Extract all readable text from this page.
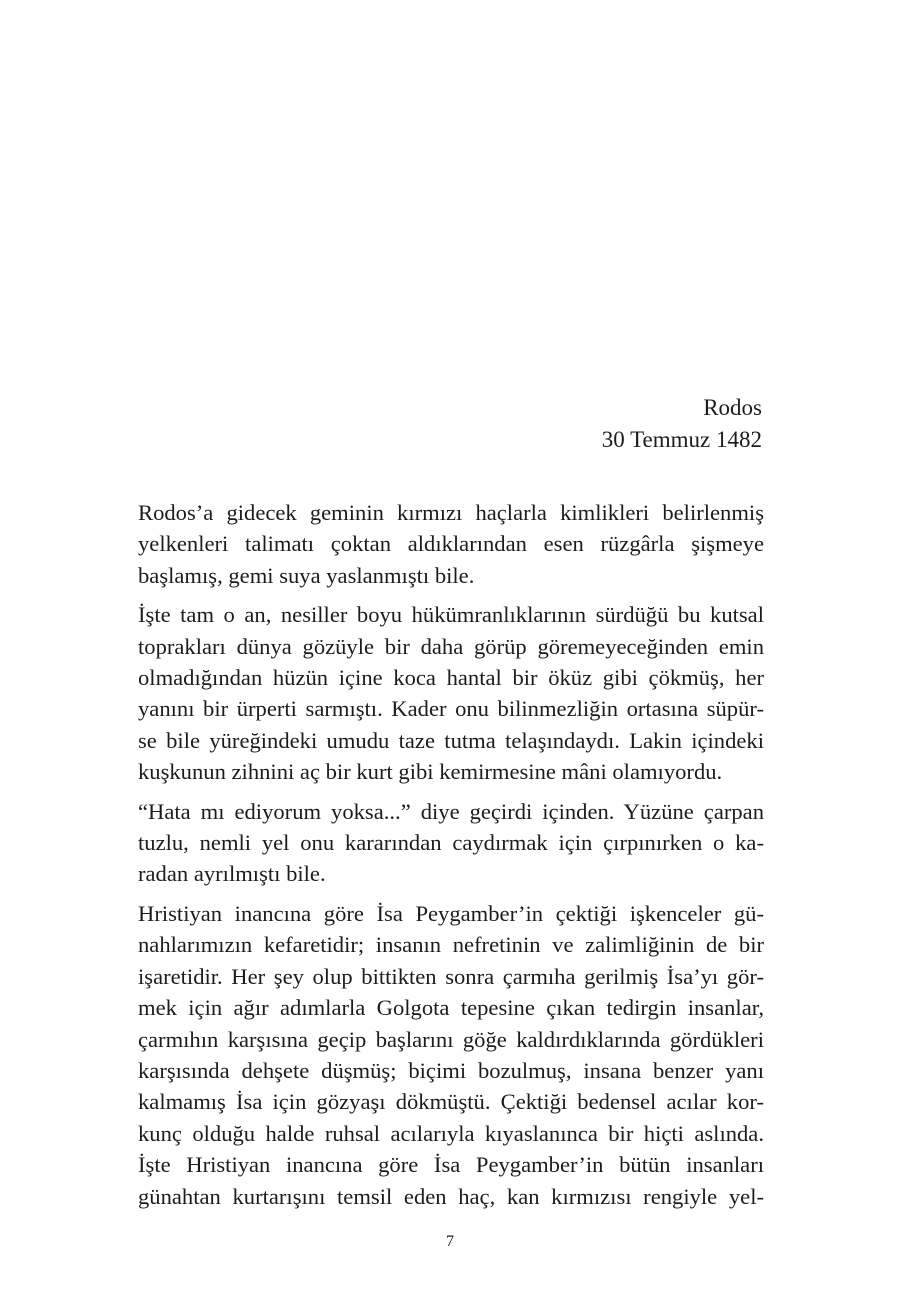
Rodos
30 Temmuz 1482
Rodos’a gidecek geminin kırmızı haçlarla kimlikleri belirlenmiş
yelkenleri talimatı çoktan aldıklarından esen rüzgârla şişmeye
başlamış, gemi suya yaslanmıştı bile.
İşte tam o an, nesiller boyu hükümranlıklarının sürdüğü bu kutsal
toprakları dünya gözüyle bir daha görüp göremeyeceğinden emin
olmadığından hüzün içine koca hantal bir öküz gibi çökmüş, her
yanını bir ürperti sarmıştı. Kader onu bilinmezliğin ortasına süpür-
se bile yüreğindeki umudu taze tutma telaşındaydı. Lakin içindeki
kuşkunun zihnini aç bir kurt gibi kemirmesine mâni olamıyordu.
“Hata mı ediyorum yoksa...” diye geçirdi içinden. Yüzüne çarpan
tuzlu, nemli yel onu kararından caydırmak için çırpınırken o ka-
radan ayrılmıştı bile.
Hristiyan inancına göre İsa Peygamber’in çektiği işkenceler gü-
nahlarımızın kefaretidir; insanın nefretinin ve zalimliğinin de bir
işaretidir. Her şey olup bittikten sonra çarmıha gerilmiş İsa’yı gör-
mek için ağır adımlarla Golgota tepesine çıkan tedirgin insanlar,
çarmıhın karşısına geçip başlarını göğe kaldırdıklarında gördükleri
karşısında dehşete düşmüş; biçimi bozulmuş, insana benzer yanı
kalmamış İsa için gözyaşı dökmüştü. Çektiği bedensel acılar kor-
kunç olduğu halde ruhsal acılarıyla kıyaslanınca bir hiçti aslında.
İşte Hristiyan inancına göre İsa Peygamber’in bütün insanları
günahtan kurtarışını temsil eden haç, kan kırmızısı rengiyle yel-
7
